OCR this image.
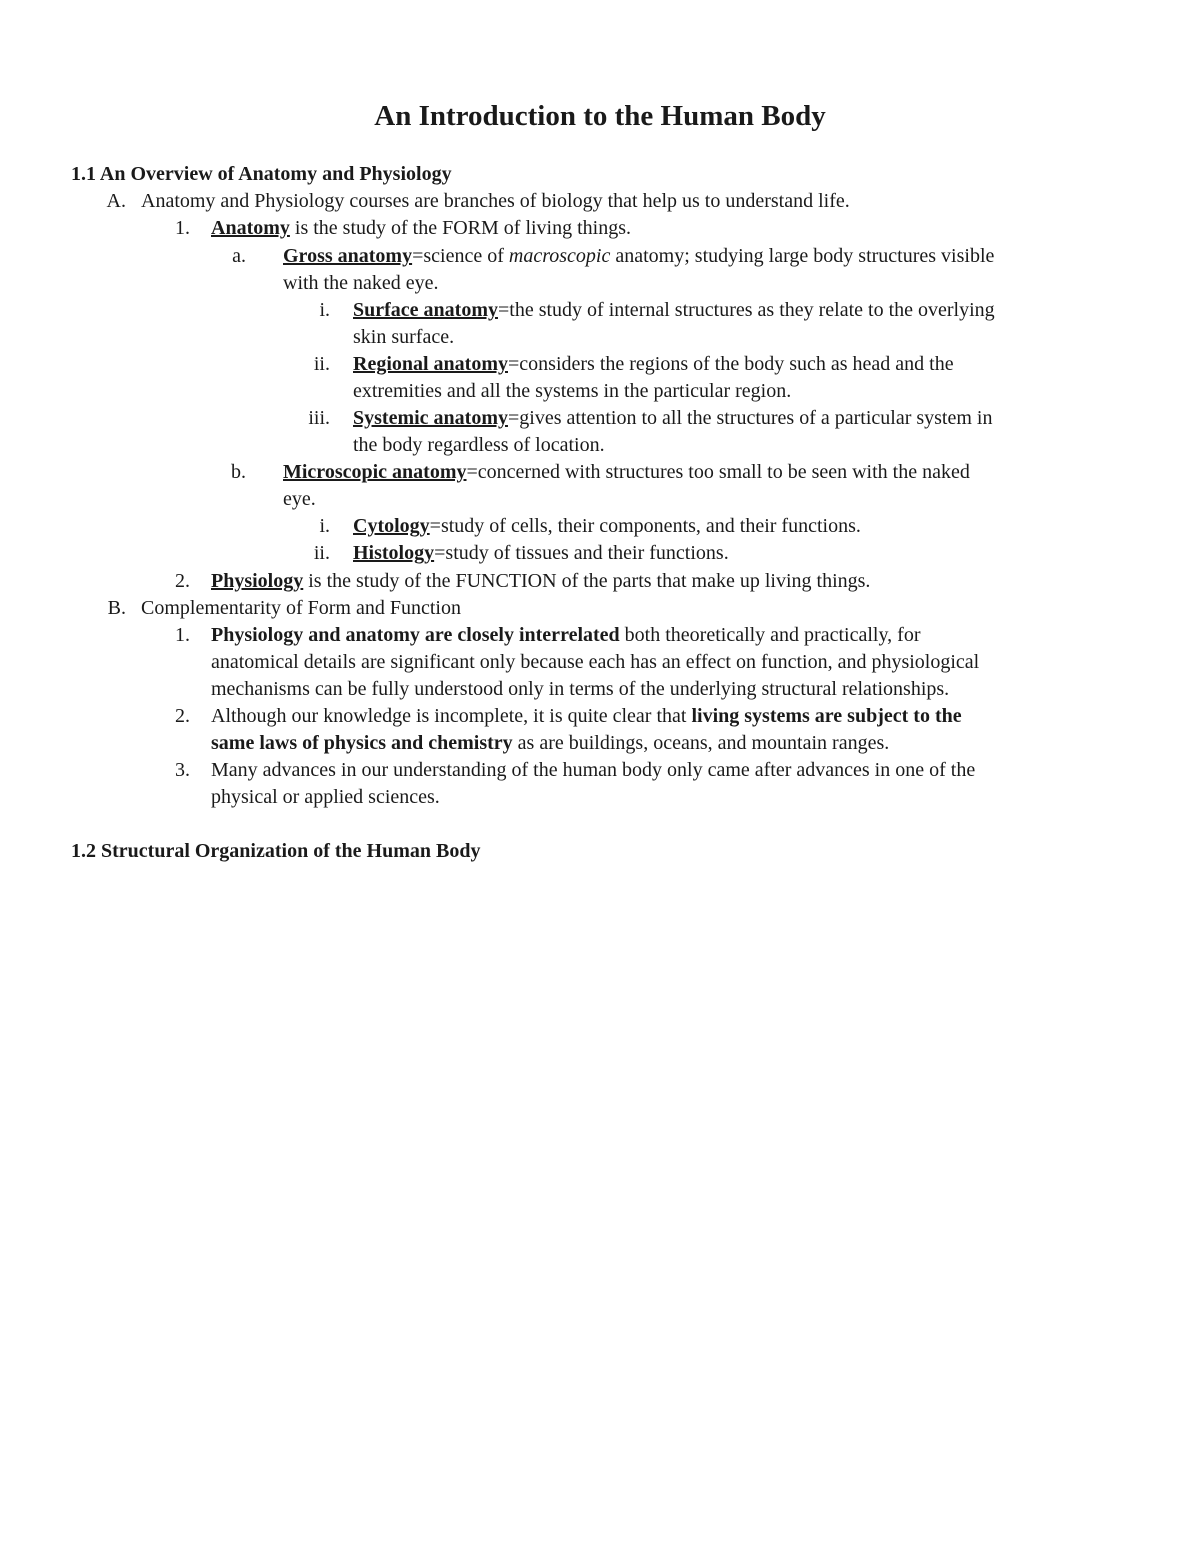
An Introduction to the Human Body
1.1 An Overview of Anatomy and Physiology
A. Anatomy and Physiology courses are branches of biology that help us to understand life.
1. Anatomy is the study of the FORM of living things.
a. Gross anatomy=science of macroscopic anatomy; studying large body structures visible
with the naked eye.
i. Surface anatomy=the study of internal structures as they relate to the overlying
skin surface.
ii. Regional anatomy=considers the regions of the body such as head and the
extremities and all the systems in the particular region.
iii. Systemic anatomy=gives attention to all the structures of a particular system in
the body regardless of location.
b. Microscopic anatomy=concerned with structures too small to be seen with the naked
eye.
i. Cytology=study of cells, their components, and their functions.
ii. Histology=study of tissues and their functions.
2. Physiology is the study of the FUNCTION of the parts that make up living things.
B. Complementarity of Form and Function
1. Physiology and anatomy are closely interrelated both theoretically and practically, for
anatomical details are significant only because each has an effect on function, and physiological
mechanisms can be fully understood only in terms of the underlying structural relationships.
2. Although our knowledge is incomplete, it is quite clear that living systems are subject to the
same laws of physics and chemistry as are buildings, oceans, and mountain ranges.
3. Many advances in our understanding of the human body only came after advances in one of the
physical or applied sciences.
1.2 Structural Organization of the Human Body
